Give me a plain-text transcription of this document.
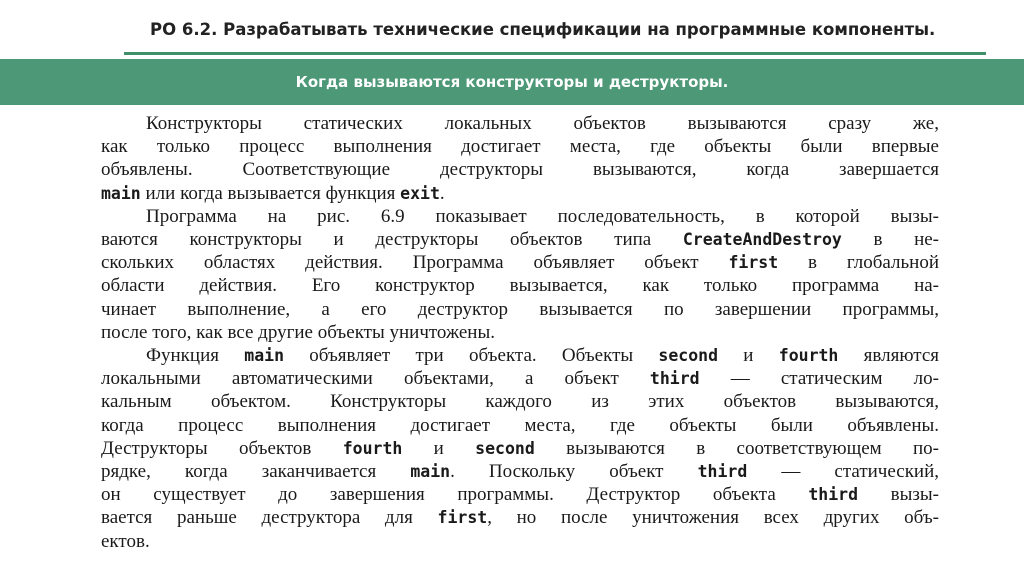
РО 6.2. Разрабатывать технические спецификации на программные компоненты.
Когда вызываются конструкторы и деструкторы.
Конструкторы статических локальных объектов вызываются сразу же,
как только процесс выполнения достигает места, где объекты были впервые
объявлены. Соответствующие деструкторы вызываются, когда завершается
main или когда вызывается функция exit.
Программа на рис. 6.9 показывает последовательность, в которой вызы-
ваются конструкторы и деструкторы объектов типа CreateAndDestroy в не-
скольких областях действия. Программа объявляет объект first в глобальной
области действия. Его конструктор вызывается, как только программа на-
чинает выполнение, а его деструктор вызывается по завершении программы,
после того, как все другие объекты уничтожены.
Функция main объявляет три объекта. Объекты second и fourth являются
локальными автоматическими объектами, а объект third — статическим ло-
кальным объектом. Конструкторы каждого из этих объектов вызываются,
когда процесс выполнения достигает места, где объекты были объявлены.
Деструкторы объектов fourth и second вызываются в соответствующем по-
рядке, когда заканчивается main. Поскольку объект third — статический,
он существует до завершения программы. Деструктор объекта third вызы-
вается раньше деструктора для first, но после уничтожения всех других объ-
ектов.
